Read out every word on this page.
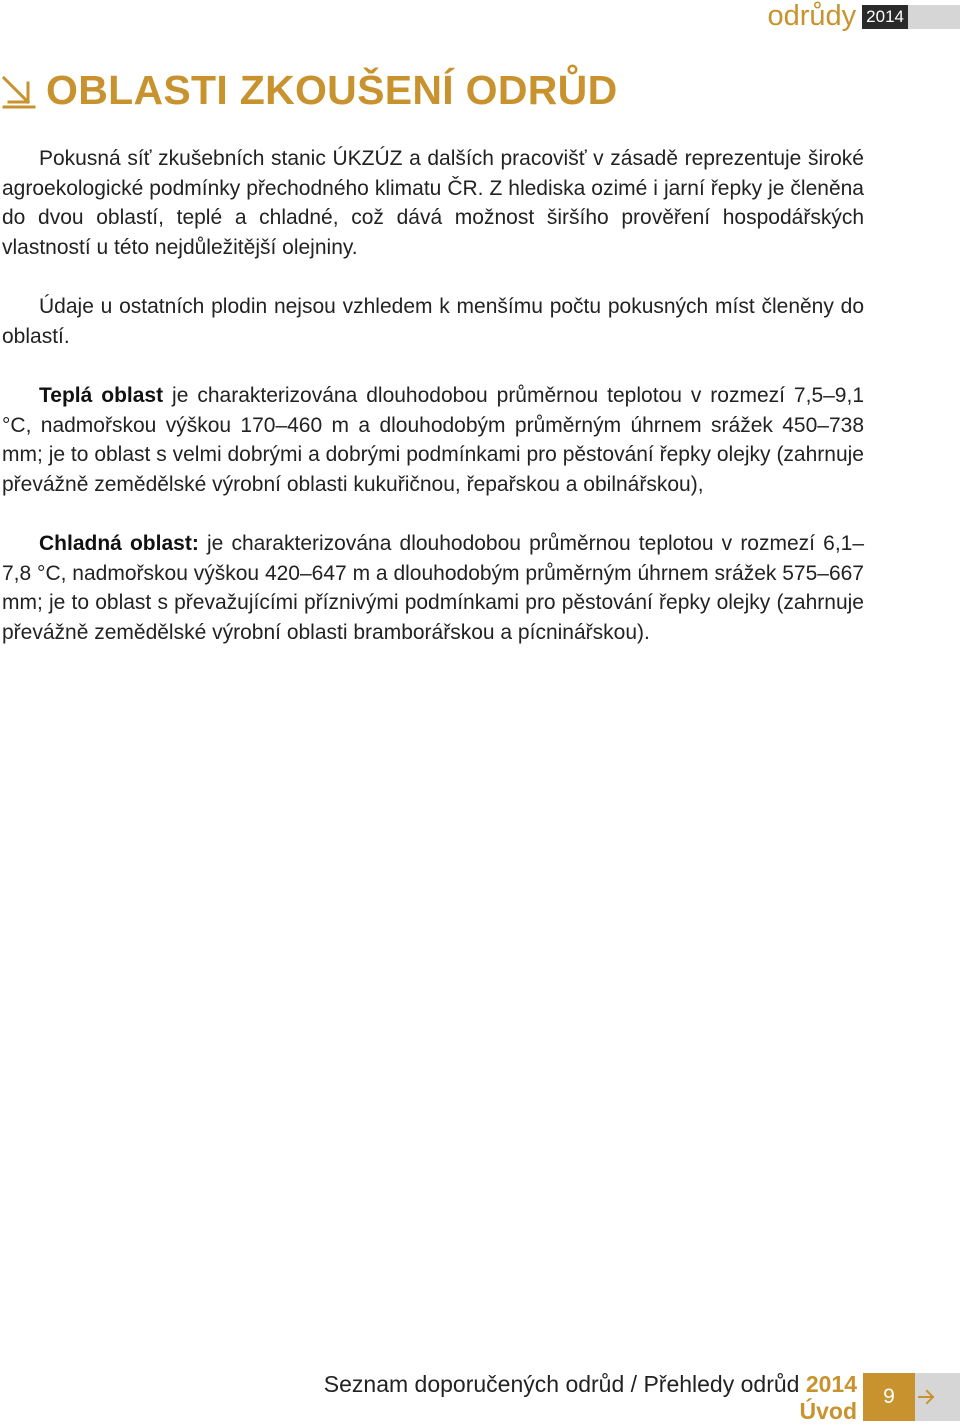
odrůdy 2014
OBLASTI ZKOUŠENÍ ODRŮD

Pokusná síť zkušebních stanic ÚKZÚZ a dalších pracovišť v zásadě reprezentuje široké agroekologické podmínky přechodného klimatu ČR. Z hlediska ozimé i jarní řepky je členěna do dvou oblastí, teplé a chladné, což dává možnost širšího prověření hospodářských vlastností u této nejdůležitější olejniny.

Údaje u ostatních plodin nejsou vzhledem k menšímu počtu pokusných míst členěny do oblastí.

Teplá oblast je charakterizována dlouhodobou průměrnou teplotou v rozmezí 7,5–9,1 °C, nadmořskou výškou 170–460 m a dlouhodobým průměrným úhrnem srážek 450–738 mm; je to oblast s velmi dobrými a dobrými podmínkami pro pěstování řepky olejky (zahrnuje převážně zemědělské výrobní oblasti kukuřičnou, řepařskou a obilnářskou),

Chladná oblast: je charakterizována dlouhodobou průměrnou teplotou v rozmezí 6,1–7,8 °C, nadmořskou výškou 420–647 m a dlouhodobým průměrným úhrnem srážek 575–667 mm; je to oblast s převažujícími příznivými podmínkami pro pěstování řepky olejky (zahrnuje převážně zemědělské výrobní oblasti bramborářskou a pícninářskou).

Seznam doporučených odrůd / Přehledy odrůd 2014
Úvod
9
